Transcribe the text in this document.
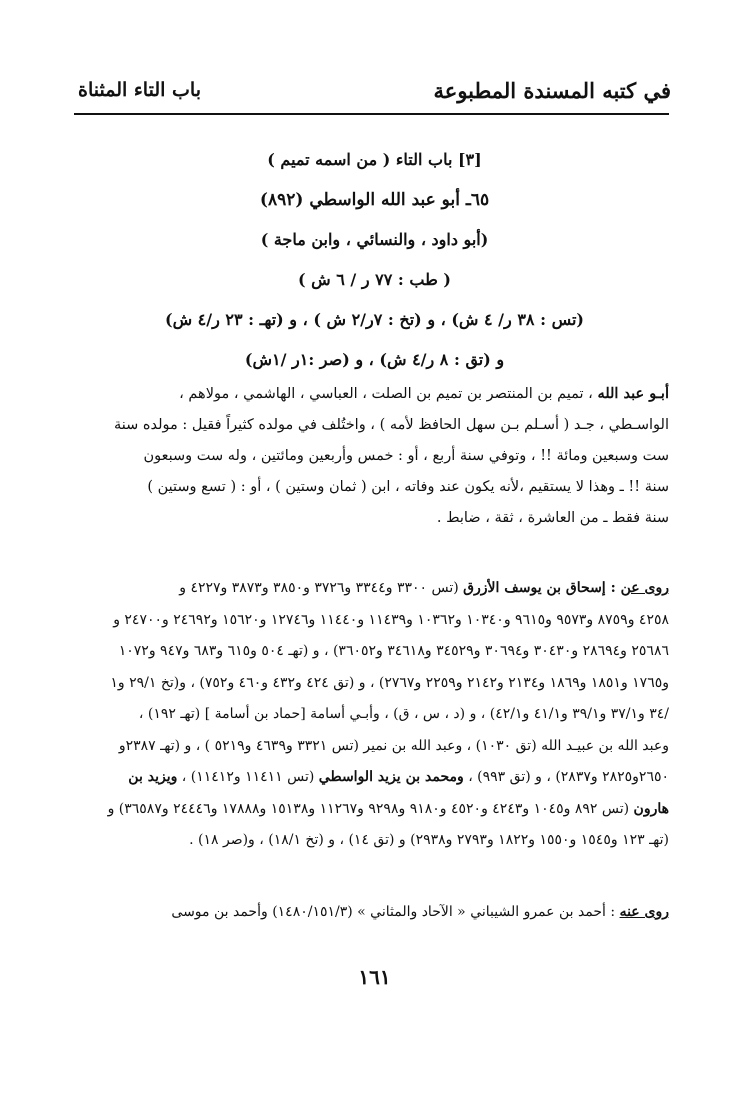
في كتبه المسندة المطبوعة
باب التاء المثناة
[٣] باب التاء ( من اسمه تميم )
٦٥ـ أبو عبد الله الواسطي (٨٩٢)
(أبو داود ، والنسائي ، وابن ماجة )
( طب : ٧٧ ر / ٦ ش )
(تس : ٣٨ ر/ ٤ ش) ، و (تخ : ٧ر/٢ ش ) ، و (تهـ : ٢٣ ر/٤ ش)
و (تق : ٨ ر/٤ ش) ، و (صر :١ر /١ش)
أبـو عبد الله ، تميم بن المنتصر بن تميم بن الصلت ، العباسي ، الهاشمي ، مولاهم ،
الواسـطي ، جـد ( أسـلم بـن سهل الحافظ لأمه ) ، واختُلف في مولده كثيراً فقيل : مولده سنة
ست وسبعين ومائة !! ، وتوفي سنة أربع ، أو : خمس وأربعين ومائتين ، وله ست وسبعون
سنة !! ـ وهذا لا يستقيم ،لأنه يكون عند وفاته ، ابن ( ثمان وستين ) ، أو : ( تسع وستين )
سنة فقط ـ من العاشرة ، ثقة ، ضابط .
روى عن : إسحاق بن يوسف الأزرق (تس ٣٣٠٠ و٣٣٤٤ و٣٧٢٦ و٣٨٥٠ و٣٨٧٣ و٤٢٢٧ و
٤٢٥٨ و٨٧٥٩ و٩٥٧٣ و٩٦١٥ و١٠٣٤٠ و١٠٣٦٢ و١١٤٣٩ و١١٤٤٠ و١٢٧٤٦ و١٥٦٢٠ و٢٤٦٩٢ و٢٤٧٠٠ و
٢٥٦٨٦ و٢٨٦٩٤ و٣٠٤٣٠ و٣٠٦٩٤ و٣٤٥٢٩ و٣٤٦١٨ و٣٦٠٥٢) ، و (تهـ ٥٠٤ و٦١٥ و٦٨٣ و٩٤٧ و١٠٧٢
و١٧٦٥ و١٨٥١ و١٨٦٩ و٢١٣٤ و٢١٤٢ و٢٢٥٩ و٢٧٦٧) ، و (تق ٤٢٤ و٤٣٢ و٤٦٠ و٧٥٢) ، و(تخ ٢٩/١ و١
/٣٤ و٣٧/١ و٣٩/١ و٤١/١ و٤٢/١) ، و (د ، س ، ق) ، وأبـي أسامة [حماد بن أسامة ] (تهـ ١٩٢) ،
وعبد الله بن عبيـد الله (تق ١٠٣٠) ، وعبد الله بن نمير (تس ٣٣٢١ و٤٦٣٩ و٥٢١٩ ) ، و (تهـ ٢٣٨٧و
٢٦٥٠و٢٨٢٥ و٢٨٣٧) ، و (تق ٩٩٣) ، ومحمد بن يزيد الواسطي (تس ١١٤١١ و١١٤١٢) ، ويزيد بن
هارون (تس ٨٩٢ و١٠٤٥ و٤٢٤٣ و٤٥٢٠ و٩١٨٠ و٩٢٩٨ و١١٢٦٧ و١٥١٣٨ و١٧٨٨٨ و٢٤٤٤٦ و٣٦٥٨٧) و
(تهـ ١٢٣ و١٥٤٥ و١٥٥٠ و١٨٢٢ و٢٧٩٣ و٢٩٣٨) و (تق ١٤) ، و (تخ ١٨/١) ، و(صر ١٨) .
روى عنه : أحمد بن عمرو الشيباني « الآحاد والمثاني » (١٤٨٠/١٥١/٣) وأحمد بن موسى
١٦١
